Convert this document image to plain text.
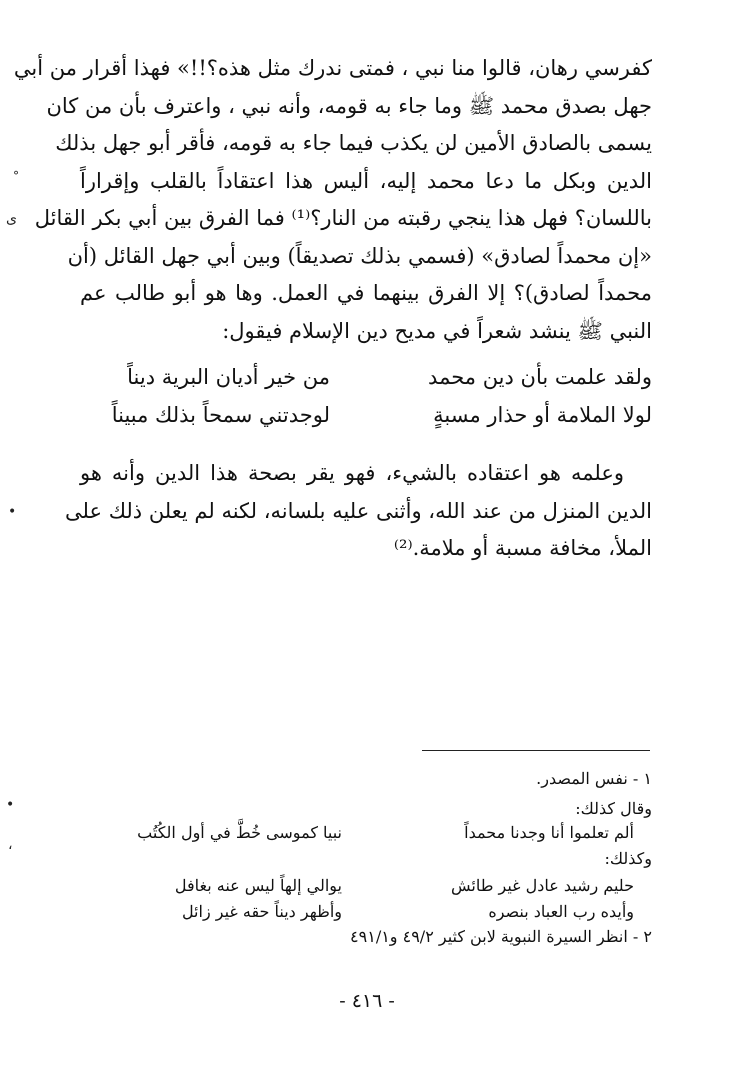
كفرسي رهان، قالوا منا نبي ، فمتى ندرك مثل هذه؟!!» فهذا أقرار من أبي
جهل بصدق محمد ﷺ وما جاء به قومه، وأنه نبي ، واعترف بأن من كان
يسمى بالصادق الأمين لن يكذب فيما جاء به قومه، فأقر أبو جهل بذلك
الدين وبكل ما دعا محمد إليه، أليس هذا اعتقاداً بالقلب وإقراراً
باللسان؟ فهل هذا ينجي رقبته من النار؟⁽¹⁾ فما الفرق بين أبي بكر القائل
«إن محمداً لصادق» (فسمي بذلك تصديقاً) وبين أبي جهل القائل (أن
محمداً لصادق)؟ إلا الفرق بينهما في العمل. وها هو أبو طالب عم
النبي ﷺ ينشد شعراً في مديح دين الإسلام فيقول:
ولقد علمت بأن دين محمد
من خير أديان البرية ديناً
لولا الملامة أو حذار مسبةٍ
لوجدتني سمحاً بذلك مبيناً
وعلمه هو اعتقاده بالشيء، فهو يقر بصحة هذا الدين وأنه هو
الدين المنزل من عند الله، وأثنى عليه بلسانه، لكنه لم يعلن ذلك على
الملأ، مخافة مسبة أو ملامة.⁽²⁾
١ - نفس المصدر.
وقال كذلك:
ألم تعلموا أنا وجدنا محمداً
نبيا كموسى خُطَّ في أول الكُتُب
وكذلك:
حليم رشيد عادل غير طائش
يوالي إلهاً ليس عنه بغافل
وأيده رب العباد بنصره
وأظهر ديناً حقه غير زائل
٢ - انظر السيرة النبوية لابن كثير ٤٩/٢ و٤٩١/١
- ٤١٦ -
ﹾ
ى
•
•
،
